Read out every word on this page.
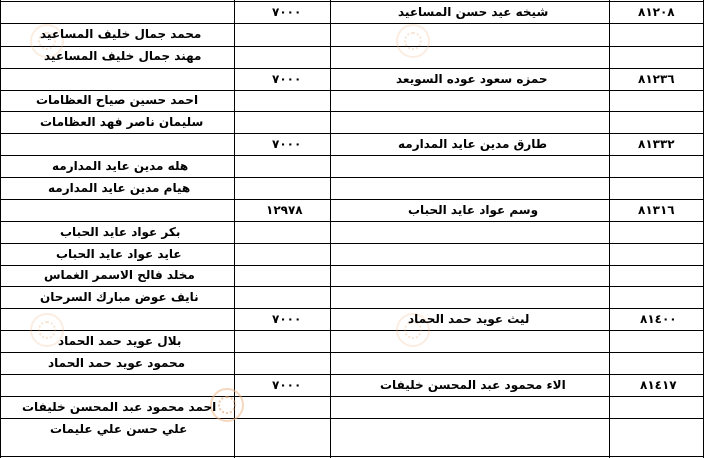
٨١٢٠٨
شيخه عيد حسن المساعيد
٧٠٠٠
محمد جمال خليف المساعيد
مهند جمال خليف المساعيد
٨١٢٣٦
حمزه سعود عوده السويعد
٧٠٠٠
احمد حسين صياح العظامات
سليمان ناصر فهد العظامات
٨١٣٣٢
طارق مدين عايد المدارمه
٧٠٠٠
هله مدين عايد المدارمه
هيام مدين عايد المدارمه
٨١٣١٦
وسم عواد عايد الحباب
١٢٩٧٨
بكر عواد عايد الحباب
عايد عواد عايد الحباب
مخلد فالح الاسمر الغماس
نايف عوض مبارك السرحان
٨١٤٠٠
ليث عويد حمد الحماد
٧٠٠٠
بلال عويد حمد الحماد
محمود عويد حمد الحماد
٨١٤١٧
الاء محمود عبد المحسن خليفات
٧٠٠٠
احمد محمود عبد المحسن خليفات
علي حسن علي عليمات
